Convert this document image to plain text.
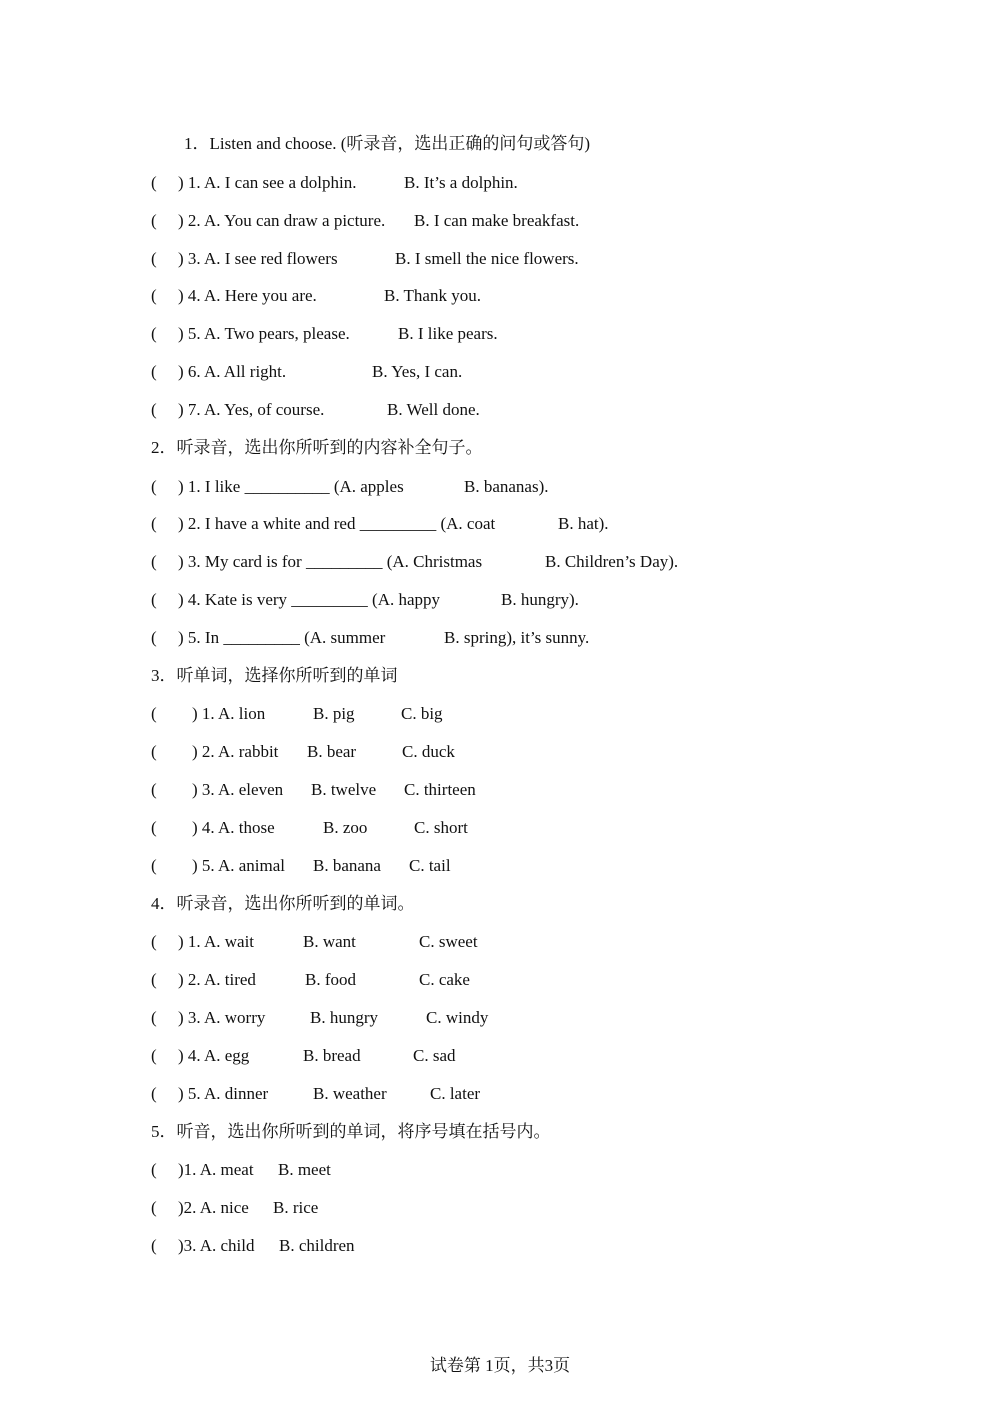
1．Listen and choose. (听录音，选出正确的问句或答句)

(

) 1. A. I can see a dolphin.

	B. It’s a dolphin.

(

) 2. A. You can draw a picture.

B. I can make breakfast.

(

) 3. A. I see red flowers

	B. I smell the nice flowers.

(

) 4. A. Here you are.

	B. Thank you.

(

) 5. A. Two pears, please.

	B. I like pears.

(

) 6. A. All right.

	B. Yes, I can.

(

) 7. A. Yes, of course.

	B. Well done.

2．听录音，选出你所听到的内容补全句子。

(

) 1. I like __________ (A. apples

	B. bananas).

(

) 2. I have a white and red _________ (A. coat

	B. hat).

(

) 3. My card is for _________ (A. Christmas

	B. Children’s Day).

(

) 4. Kate is very _________ (A. happy

	B. hungry).

(

) 5. In _________ (A. summer

	B. spring), it’s sunny.

3．听单词，选择你所听到的单词

(

) 1. A. lion

	B. pig

	C. big

(

) 2. A. rabbit

B. bear

	C. duck

(

) 3. A. eleven

B. twelve

C. thirteen

(

) 4. A. those

	B. zoo

	C. short

(

) 5. A. animal

B. banana

C. tail

4．听录音，选出你所听到的单词。

(

) 1. A. wait

	B. want

	C. sweet

(

) 2. A. tired

	B. food

	C. cake

(

) 3. A. worry

	B. hungry

	C. windy

(

) 4. A. egg

	B. bread

	C. sad

(

) 5. A. dinner

	B. weather

	C. later

5．听音，选出你所听到的单词，将序号填在括号内。

(

)1. A. meat

B. meet

(

)2. A. nice

B. rice

(

)3. A. child

B. children

试卷第 1页，共3页
